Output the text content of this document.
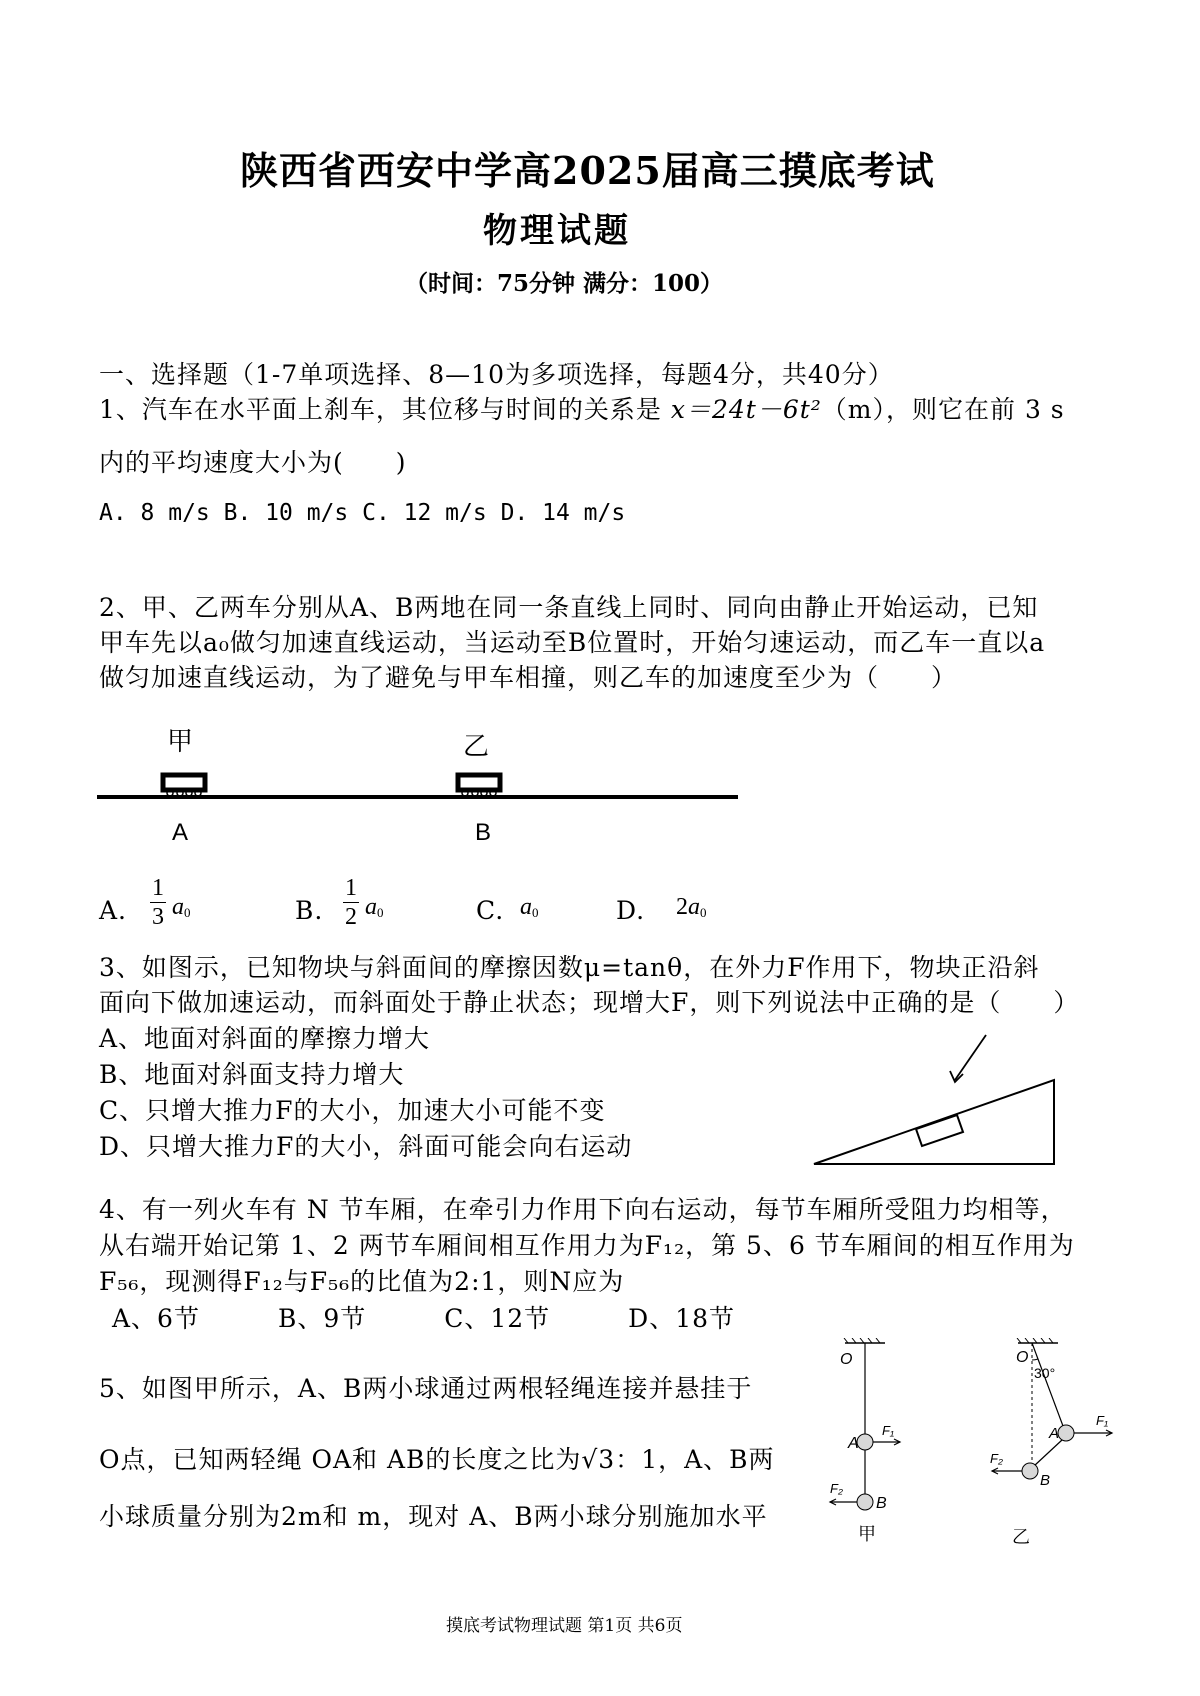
陕西省西安中学高2025届高三摸底考试
物理试题
（时间：75分钟 满分：100）
一、选择题（1-7单项选择、8—10为多项选择，每题4分，共40分）
1、汽车在水平面上刹车，其位移与时间的关系是 x＝24t－6t²（m），则它在前 3 s
内的平均速度大小为(　　)
A. 8 m/s B. 10 m/s C. 12 m/s D. 14 m/s
2、甲、乙两车分别从A、B两地在同一条直线上同时、同向由静止开始运动，已知
甲车先以a₀做匀加速直线运动，当运动至B位置时，开始匀速运动，而乙车一直以a
做匀加速直线运动，为了避免与甲车相撞，则乙车的加速度至少为（　　）
甲	乙
A	B
A.
1
3 $a_0$	B.
1
2 $a_0$	C. $a_0$	D. $2a_0$
3、如图示，已知物块与斜面间的摩擦因数μ=tanθ，在外力F作用下，物块正沿斜
面向下做加速运动，而斜面处于静止状态；现增大F，则下列说法中正确的是（　　）
A、地面对斜面的摩擦力增大
B、地面对斜面支持力增大
C、只增大推力F的大小，加速大小可能不变
D、只增大推力F的大小，斜面可能会向右运动
4、有一列火车有 N 节车厢，在牵引力作用下向右运动，每节车厢所受阻力均相等，
从右端开始记第 1、2 两节车厢间相互作用力为F₁₂，第 5、6 节车厢间的相互作用为
F₅₆，现测得F₁₂与F₅₆的比值为2:1，则N应为
A、6节　　　B、9节　　　C、12节　　　D、18节
5、如图甲所示，A、B两小球通过两根轻绳连接并悬挂于
O点，已知两轻绳 OA和 AB的长度之比为√3：1，A、B两
小球质量分别为2m和 m，现对 A、B两小球分别施加水平
O
A
B
F₁
F₂
甲
O
30°
A
B
F₁
F₂
乙
摸底考试物理试题 第1页 共6页
